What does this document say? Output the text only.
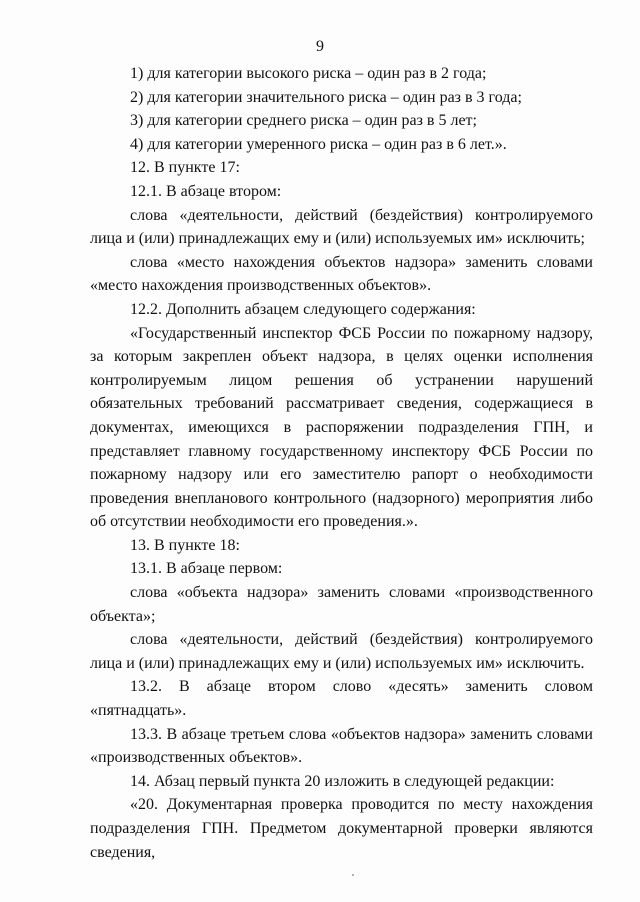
9

1) для категории высокого риска – один раз в 2 года;

2) для категории значительного риска – один раз в 3 года;

3) для категории среднего риска – один раз в 5 лет;

4) для категории умеренного риска – один раз в 6 лет.».

12. В пункте 17:

12.1. В абзаце втором:

слова «деятельности, действий (бездействия) контролируемого лица и (или) принадлежащих ему и (или) используемых им» исключить;

слова «место нахождения объектов надзора» заменить словами «место нахождения производственных объектов».

12.2. Дополнить абзацем следующего содержания:

«Государственный инспектор ФСБ России по пожарному надзору, за которым закреплен объект надзора, в целях оценки исполнения контролируемым лицом решения об устранении нарушений обязательных требований рассматривает сведения, содержащиеся в документах, имеющихся в распоряжении подразделения ГПН, и представляет главному государственному инспектору ФСБ России по пожарному надзору или его заместителю рапорт о необходимости проведения внепланового контрольного (надзорного) мероприятия либо об отсутствии необходимости его проведения.».

13. В пункте 18:

13.1. В абзаце первом:

слова «объекта надзора» заменить словами «производственного объекта»;

слова «деятельности, действий (бездействия) контролируемого лица и (или) принадлежащих ему и (или) используемых им» исключить.

13.2. В абзаце втором слово «десять» заменить словом «пятнадцать».

13.3. В абзаце третьем слова «объектов надзора» заменить словами «производственных объектов».

14. Абзац первый пункта 20 изложить в следующей редакции:

«20. Документарная проверка проводится по месту нахождения подразделения ГПН. Предметом документарной проверки являются сведения,
